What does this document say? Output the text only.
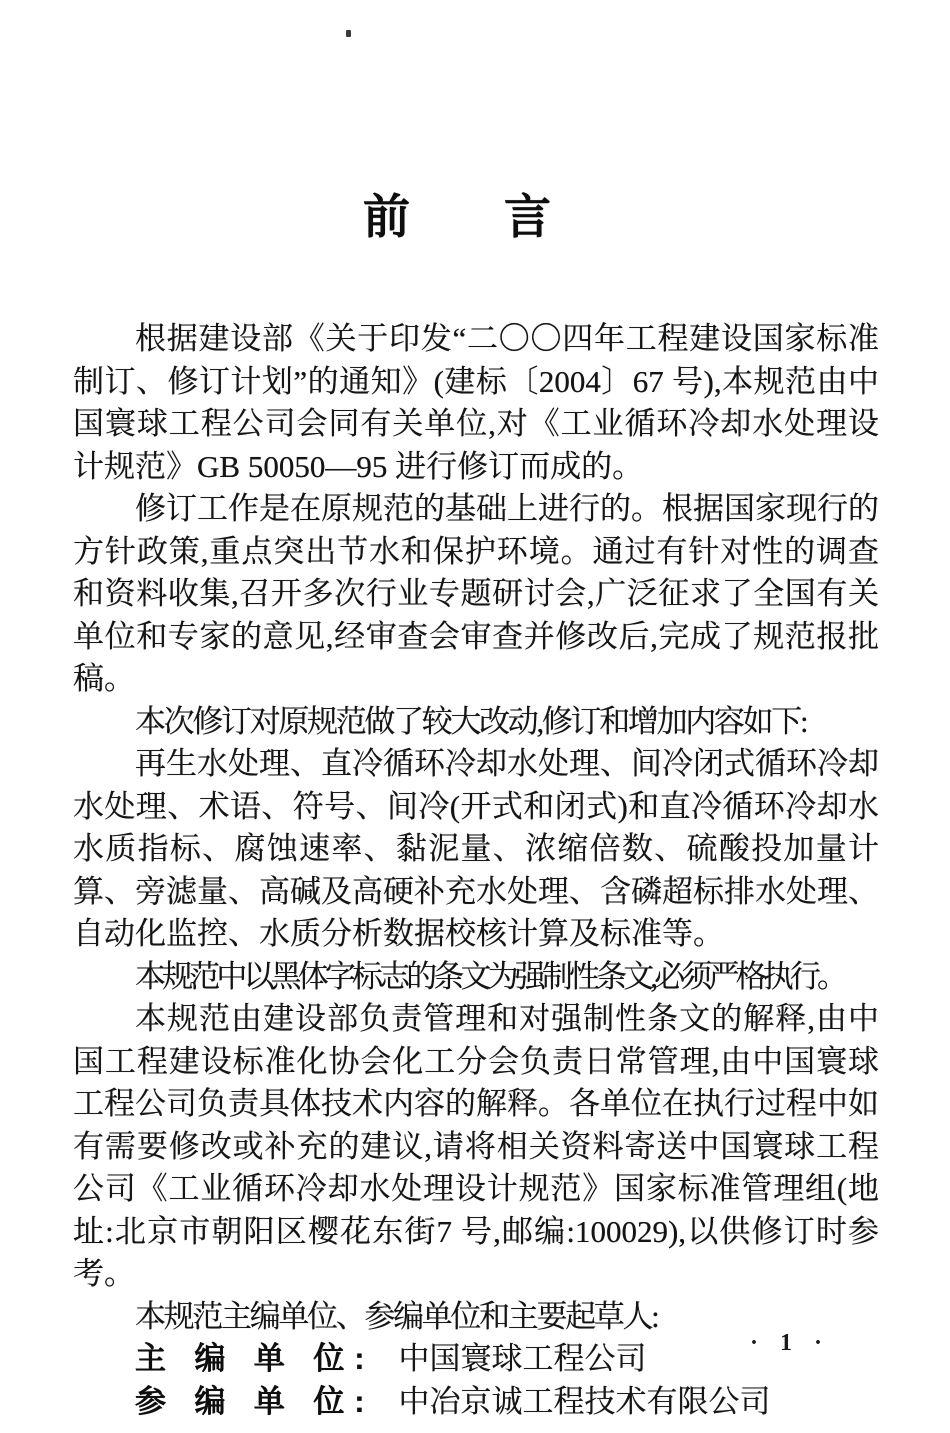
前　　言

根据建设部《关于印发“二〇〇四年工程建设国家标准制订、修订计划”的通知》(建标〔2004〕67 号),本规范由中国寰球工程公司会同有关单位,对《工业循环冷却水处理设计规范》GB 50050—95 进行修订而成的。

修订工作是在原规范的基础上进行的。根据国家现行的方针政策,重点突出节水和保护环境。通过有针对性的调查和资料收集,召开多次行业专题研讨会,广泛征求了全国有关单位和专家的意见,经审查会审查并修改后,完成了规范报批稿。

本次修订对原规范做了较大改动,修订和增加内容如下:

再生水处理、直冷循环冷却水处理、间冷闭式循环冷却水处理、术语、符号、间冷(开式和闭式)和直冷循环冷却水水质指标、腐蚀速率、黏泥量、浓缩倍数、硫酸投加量计算、旁滤量、高碱及高硬补充水处理、含磷超标排水处理、自动化监控、水质分析数据校核计算及标准等。

本规范中以黑体字标志的条文为强制性条文,必须严格执行。

本规范由建设部负责管理和对强制性条文的解释,由中国工程建设标准化协会化工分会负责日常管理,由中国寰球工程公司负责具体技术内容的解释。各单位在执行过程中如有需要修改或补充的建议,请将相关资料寄送中国寰球工程公司《工业循环冷却水处理设计规范》国家标准管理组(地址:北京市朝阳区樱花东街7 号,邮编:100029),以供修订时参考。

本规范主编单位、参编单位和主要起草人:

主 编 单 位: 中国寰球工程公司

参 编 单 位: 中冶京诚工程技术有限公司

· 1 ·
